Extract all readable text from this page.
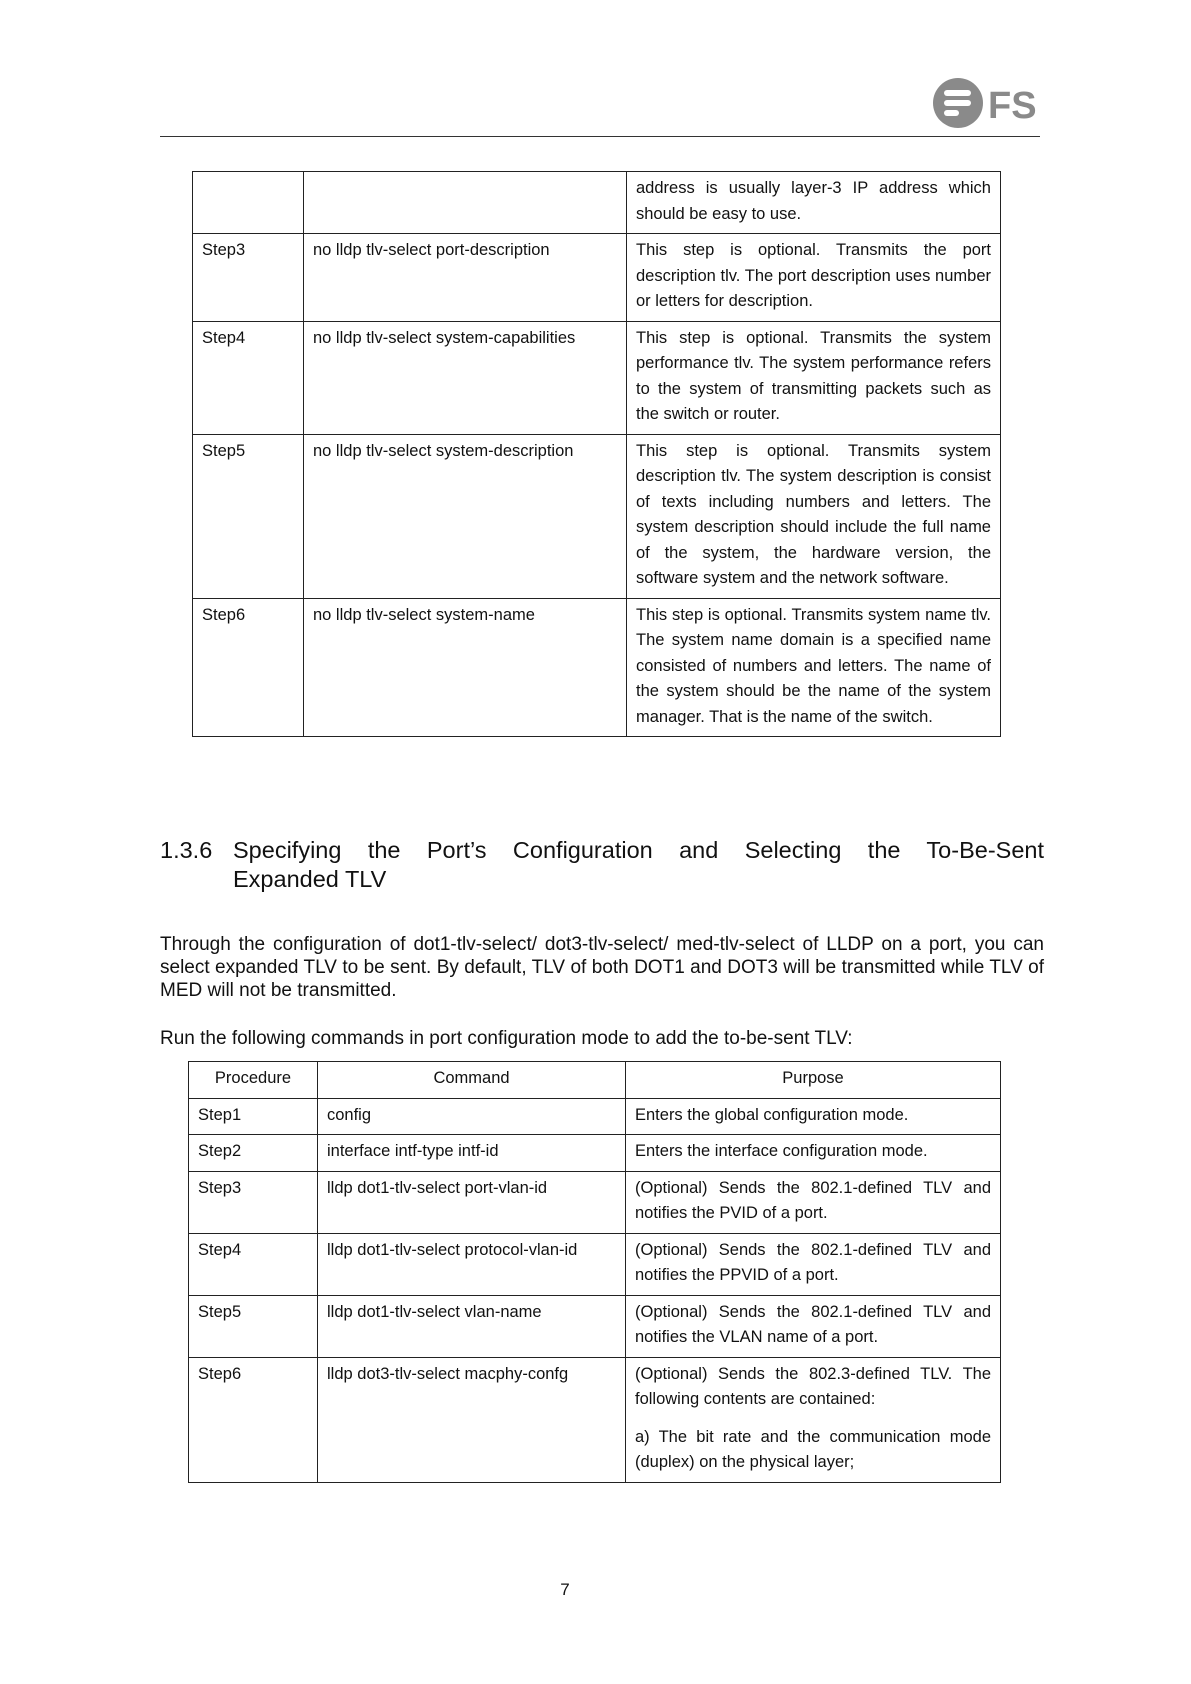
FS
		address is usually layer-3 IP address which should be easy to use.
Step3	no lldp tlv-select port-description	This step is optional. Transmits the port description tlv. The port description uses number or letters for description.
Step4	no lldp tlv-select system-capabilities	This step is optional. Transmits the system performance tlv. The system performance refers to the system of transmitting packets such as the switch or router.
Step5	no lldp tlv-select system-description	This step is optional. Transmits system description tlv. The system description is consist of texts including numbers and letters. The system description should include the full name of the system, the hardware version, the software system and the network software.
Step6	no lldp tlv-select system-name	This step is optional. Transmits system name tlv. The system name domain is a specified name consisted of numbers and letters. The name of the system should be the name of the system manager. That is the name of the switch.
1.3.6 Specifying the Port’s Configuration and Selecting the To-Be-Sent
Expanded TLV

Through the configuration of dot1-tlv-select/ dot3-tlv-select/ med-tlv-select of LLDP on a port, you can select expanded TLV to be sent. By default, TLV of both DOT1 and DOT3 will be transmitted while TLV of MED will not be transmitted.

Run the following commands in port configuration mode to add the to-be-sent TLV:

Procedure	Command	Purpose
Step1	config	Enters the global configuration mode.
Step2	interface intf-type intf-id	Enters the interface configuration mode.
Step3	lldp dot1-tlv-select port-vlan-id	(Optional) Sends the 802.1-defined TLV and notifies the PVID of a port.
Step4	lldp dot1-tlv-select protocol-vlan-id	(Optional) Sends the 802.1-defined TLV and notifies the PPVID of a port.
Step5	lldp dot1-tlv-select vlan-name	(Optional) Sends the 802.1-defined TLV and notifies the VLAN name of a port.
Step6	lldp dot3-tlv-select macphy-confg	(Optional) Sends the 802.3-defined TLV. The following contents are contained:
a) The bit rate and the communication mode (duplex) on the physical layer;
7
